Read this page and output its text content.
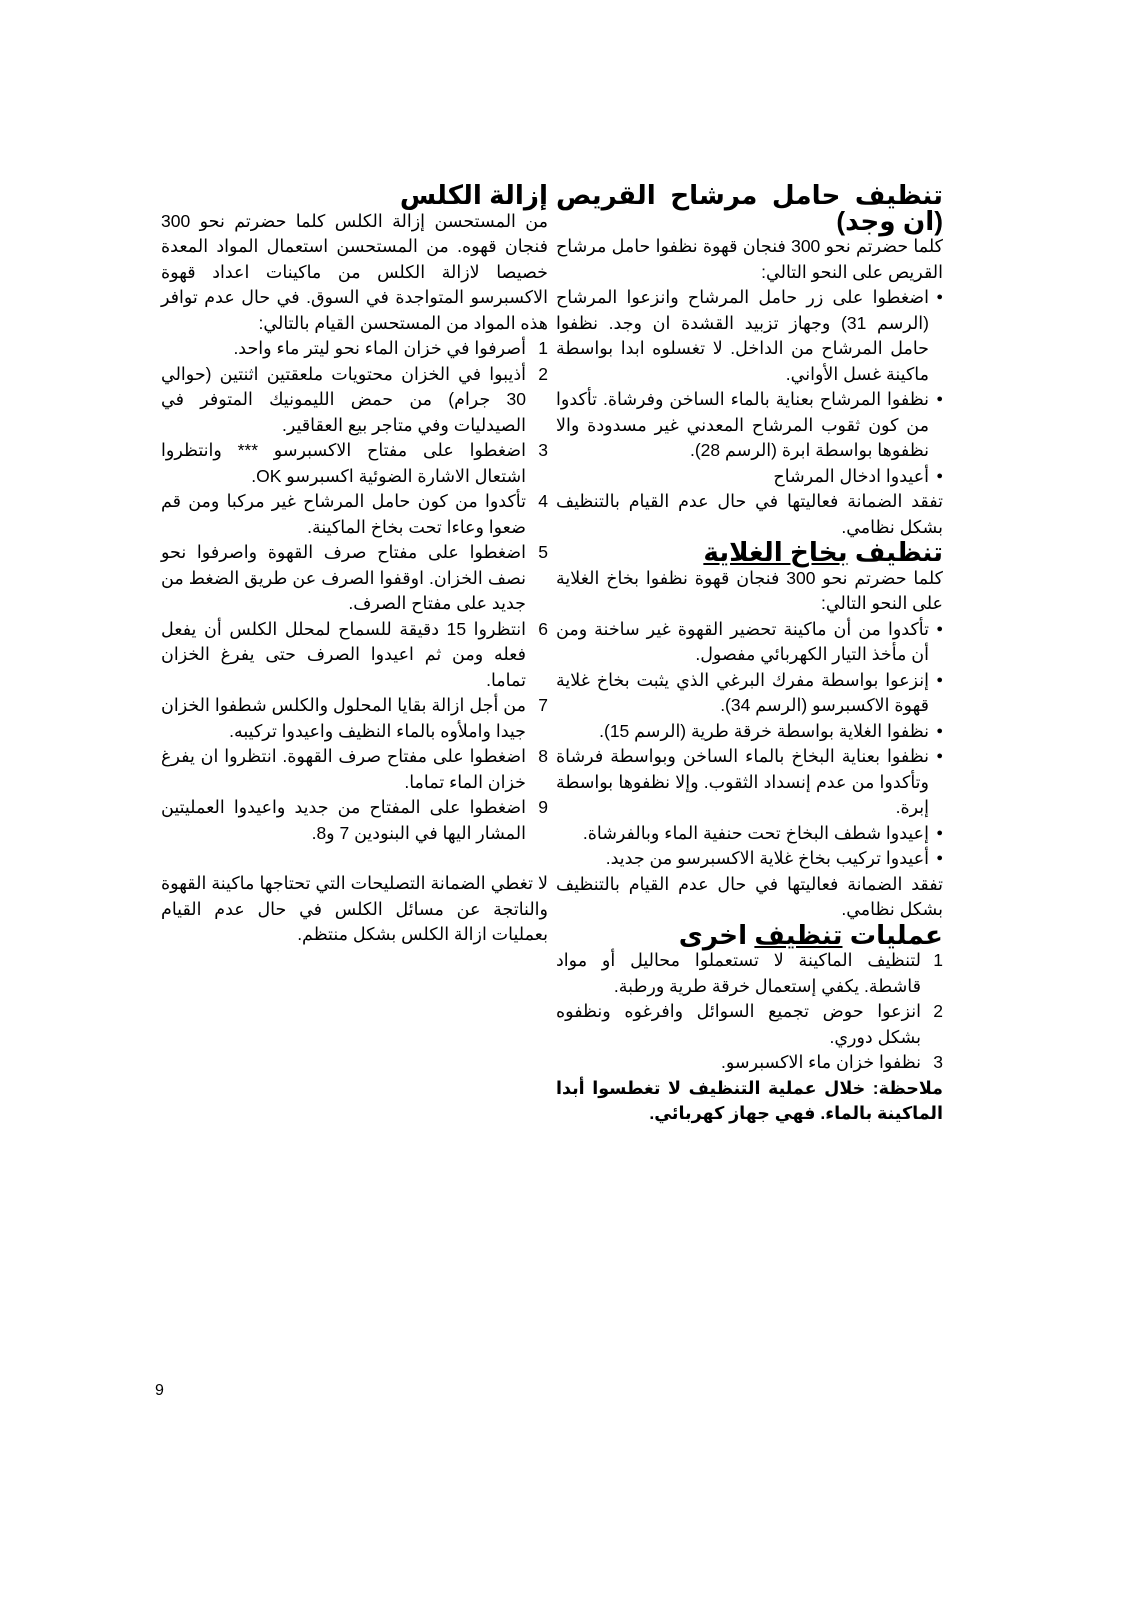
تنظيف حامل مرشاح القريص (ان وجد)

كلما حضرتم نحو 300 فنجان قهوة نظفوا حامل مرشاح القريص على النحو التالي:

● اضغطوا على زر حامل المرشاح وانزعوا المرشاح (الرسم 31) وجهاز تزبيد القشدة ان وجد. نظفوا حامل المرشاح من الداخل. لا تغسلوه ابدا بواسطة ماكينة غسل الأواني.
● نظفوا المرشاح بعناية بالماء الساخن وفرشاة. تأكدوا من كون ثقوب المرشاح المعدني غير مسدودة والا نظفوها بواسطة ابرة (الرسم 28).
● أعيدوا ادخال المرشاح

تفقد الضمانة فعاليتها في حال عدم القيام بالتنظيف بشكل نظامي.

تنظيف بخاخ الغلاية

كلما حضرتم نحو 300 فنجان قهوة نظفوا بخاخ الغلاية على النحو التالي:

● تأكدوا من أن ماكينة تحضير القهوة غير ساخنة ومن أن مأخذ التيار الكهربائي مفصول.
● إنزعوا بواسطة مفرك البرغي الذي يثبت بخاخ غلاية قهوة الاكسبرسو (الرسم 34).
● نظفوا الغلاية بواسطة خرقة طرية (الرسم 15).
● نظفوا بعناية البخاخ بالماء الساخن وبواسطة فرشاة وتأكدوا من عدم إنسداد الثقوب. وإلا نظفوها بواسطة إبرة.
● إعيدوا شطف البخاخ تحت حنفية الماء وبالفرشاة.
● أعيدوا تركيب بخاخ غلاية الاكسبرسو من جديد.

تفقد الضمانة فعاليتها في حال عدم القيام بالتنظيف بشكل نظامي.

عمليات تنظيف اخرى
1
لتنظيف الماكينة لا تستعملوا محاليل أو مواد قاشطة. يكفي إستعمال خرقة طرية ورطبة.
2
انزعوا حوض تجميع السوائل وافرغوه ونظفوه بشكل دوري.
3
نظفوا خزان ماء الاكسبرسو.

ملاحظة: خلال عملية التنظيف لا تغطسوا أبدا الماكينة بالماء. فهي جهاز كهربائي.

إزالة الكلس

من المستحسن إزالة الكلس كلما حضرتم نحو 300 فنجان قهوه. من المستحسن استعمال المواد المعدة خصيصا لازالة الكلس من ماكينات اعداد قهوة الاكسبرسو المتواجدة في السوق. في حال عدم توافر هذه المواد من المستحسن القيام بالتالي:

1
أصرفوا في خزان الماء نحو ليتر ماء واحد.
2
أذيبوا في الخزان محتويات ملعقتين اثنتين (حوالي 30 جرام) من حمض الليمونيك المتوفر في الصيدليات وفي متاجر بيع العقاقير.
3
اضغطوا على مفتاح الاكسبرسو *** وانتظروا اشتعال الاشارة الضوئية اكسبرسو OK.
4
تأكدوا من كون حامل المرشاح غير مركبا ومن قم ضعوا وعاءا تحت بخاخ الماكينة.
5
اضغطوا على مفتاح صرف القهوة واصرفوا نحو نصف الخزان. اوقفوا الصرف عن طريق الضغط من جديد على مفتاح الصرف.
6
انتظروا 15 دقيقة للسماح لمحلل الكلس أن يفعل فعله ومن ثم اعيدوا الصرف حتى يفرغ الخزان تماما.
7
من أجل ازالة بقايا المحلول والكلس شطفوا الخزان جيدا واملأوه بالماء النظيف واعيدوا تركيبه.
8
اضغطوا على مفتاح صرف القهوة. انتظروا ان يفرغ خزان الماء تماما.
9
اضغطوا على المفتاح من جديد واعيدوا العمليتين المشار اليها في البنودين 7 و8.

لا تغطي الضمانة التصليحات التي تحتاجها ماكينة القهوة والناتجة عن مسائل الكلس في حال عدم القيام بعمليات ازالة الكلس بشكل منتظم.

9
